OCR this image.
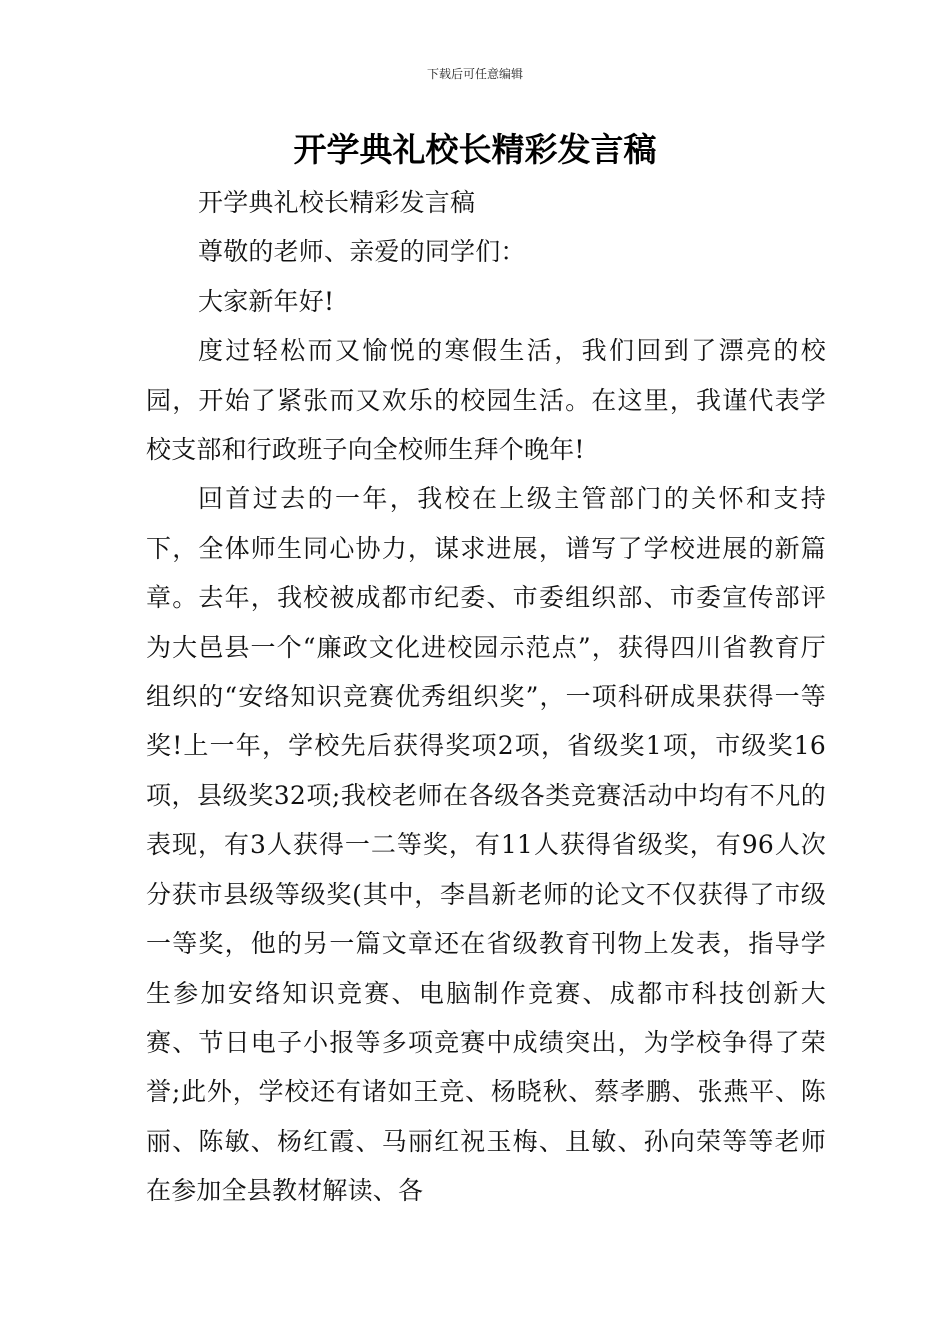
下载后可任意编辑
开学典礼校长精彩发言稿

开学典礼校长精彩发言稿

尊敬的老师、亲爱的同学们：

大家新年好!

度过轻松而又愉悦的寒假生活，我们回到了漂亮的校园，开始了紧张而又欢乐的校园生活。在这里，我谨代表学校支部和行政班子向全校师生拜个晚年!

回首过去的一年，我校在上级主管部门的关怀和支持下，全体师生同心协力，谋求进展，谱写了学校进展的新篇章。去年，我校被成都市纪委、市委组织部、市委宣传部评为大邑县一个“廉政文化进校园示范点”，获得四川省教育厅组织的“安络知识竞赛优秀组织奖”，一项科研成果获得一等奖!上一年，学校先后获得奖项2项，省级奖1项，市级奖16项，县级奖32项;我校老师在各级各类竞赛活动中均有不凡的表现，有3人获得一二等奖，有11人获得省级奖，有96人次分获市县级等级奖(其中，李昌新老师的论文不仅获得了市级一等奖，他的另一篇文章还在省级教育刊物上发表，指导学生参加安络知识竞赛、电脑制作竞赛、成都市科技创新大赛、节日电子小报等多项竞赛中成绩突出，为学校争得了荣誉;此外，学校还有诸如王竞、杨晓秋、蔡孝鹏、张燕平、陈丽、陈敏、杨红霞、马丽红祝玉梅、且敏、孙向荣等等老师在参加全县教材解读、各
